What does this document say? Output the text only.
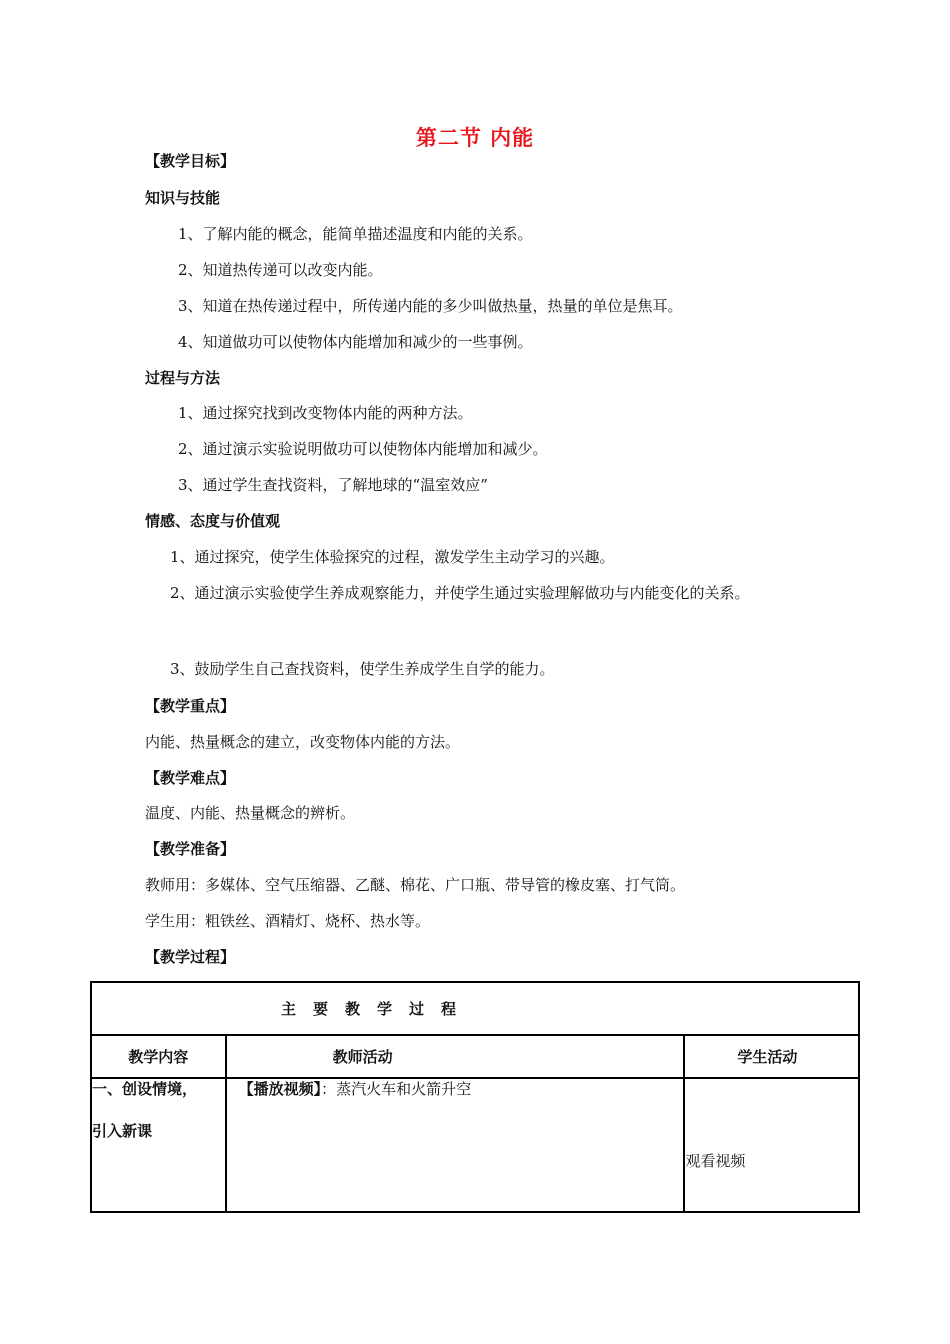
第二节 内能
【教学目标】
知识与技能
1、了解内能的概念，能简单描述温度和内能的关系。
2、知道热传递可以改变内能。
3、知道在热传递过程中，所传递内能的多少叫做热量，热量的单位是焦耳。
4、知道做功可以使物体内能增加和减少的一些事例。
过程与方法
1、通过探究找到改变物体内能的两种方法。
2、通过演示实验说明做功可以使物体内能增加和减少。
3、通过学生查找资料，了解地球的“温室效应”
情感、态度与价值观
1、通过探究，使学生体验探究的过程，激发学生主动学习的兴趣。
2、通过演示实验使学生养成观察能力，并使学生通过实验理解做功与内能变化的关系。
3、鼓励学生自己查找资料，使学生养成学生自学的能力。
【教学重点】
内能、热量概念的建立，改变物体内能的方法。
【教学难点】
温度、内能、热量概念的辨析。
【教学准备】
教师用：多媒体、空气压缩器、乙醚、棉花、广口瓶、带导管的橡皮塞、打气筒。
学生用：粗铁丝、酒精灯、烧杯、热水等。
【教学过程】
主要教学过程		

教学内容	教师活动	学生活动

一、创设情境，
引入新课	【播放视频】：蒸汽火车和火箭升空	观看视频
